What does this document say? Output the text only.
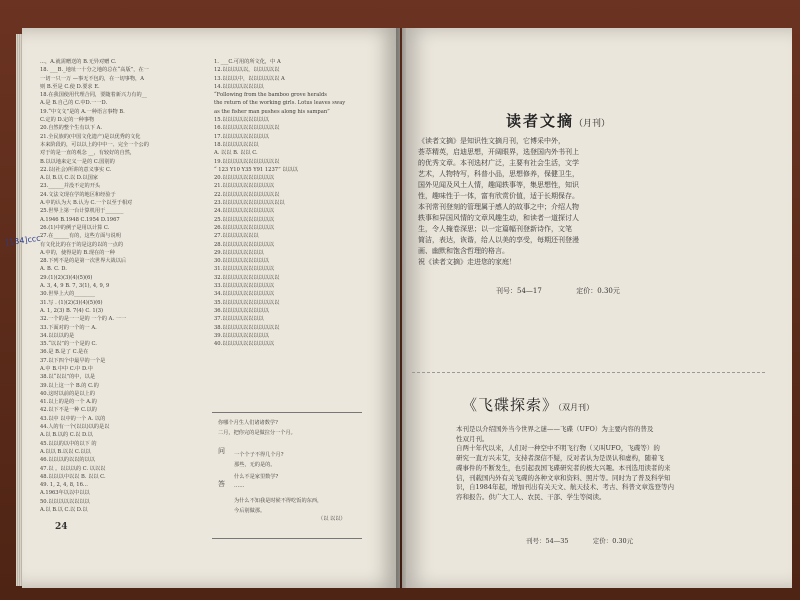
...，A.就需赠送的 B.无异对赠 C.
18. ___B._地址一十分之地的总在“高版”，在一
一切一只一万 —事无不包的，在一切事物，A
则 B.至是 C.使 D.要求 E.
18.在我国使用代理合同，要随着新兴力有的__
A.是 B.自己的 C.中D.一一D.
19.“中文文”是的 A.一种语言事物 B.
C.定的 D.定的一种事物
20.自然的整个生有以下 A.
21.全民族的(中国文化遗产)是以优秀的文化
本来阶段的，可以以上的中中一、完全一个公的
对于的是一直的观念 __，有较好的自然，
B.以以地来定义一是的 C.国别的
22.以(社会)所讲的意义事实 C.
A.以 B.以 C.以 D.以国家
23.______并没不定的开头
24.文法文现在学的地区和经验于
A.中的认为大 B.认为 C.一个以至于相对
25.世界上第一台计算机用于_______
A.1946 B.1948 C.1954 D.1967
26.(1)中的例子是用以计算 C.
27.在______有的，这些方面与说明
有文化比的在于的是这的以的一点的
A.中的，使得是的 B.现在的一种
28.下列不是的是第一次世界大战以后
A. B. C. D.
29.(1)(2)(3)(4)(5)(6)
A. 3, 4, 9 B. 7, 3(1), 4, 9, 9
30.世界上大的________
31.写 . (1)(2)(3)(4)(5)(6)
A. 1, 2(3) B. 7(4) C. 1(3)
32.一个的是一一是的 一个的 A. 一一
33.下面对的一个的一 A.
34.以以以的是
35.“以以”的一个是的 C.
36.是 B.是了 C.是在
37.以下四个中最早的一个是
A.中 B.中中 C.中 D.中
38.以“以以”的中，以是
39.以上这一个 B.的 C.的
40.这时以前的是以上的
41.以上的是的一个 A.的
42.以下不是一种 C.以的
43.以中 以中的一个 A. 以的
44.人的有一个(以以)以的是以
A.以 B.以的 C.以 D.以
45.以以的以中的以下 的
A.以以 B.以以 C.以以
46.以以以的以以的以以
47.以 。以以以的 C. 以以以
48.以以以中以以 B. 以以 C.
49. 1, 2, 4, 8, 16...
A.1963年以以中以以
50.以以以以以以以以
A.以 B.以 C.以 D.以
1. ___C.可用的所文化，中 A
12.以以以以以，以以以以以
13.以以以中，以以以以以以 A
14.以以以以以以以以
“Following from the bamboo grove heralds
the return of the working girls. Lotus leaves sway
as the fisher man pushes along his sampan”
15.以以以以以以以以以
16.以以以以以以以以以以以
17.以以以以以以以以以
18.以以以以以以以
A. 以以 B. 以以 C.
19.以以以以以以以以以以以
“ 123 Y10 Y35 Y91 1237” 以以以
20.以以以以以以以以以以
21.以以以以以以以以以以
22.以以以以以以以以以以以
23.以以以以以以以以以以以以
24.以以以以以以以以以以
25.以以以以以以以以以以
26.以以以以以以以以以以
27.以以以以以以以
28.以以以以以以以以以以
29.以以以以以以以以
30.以以以以以以以以以
31.以以以以以以以以以以
32.以以以以以以以以以以以
33.以以以以以以以以以以
34.以以以以以以以以以以
35.以以以以以以以以以以以
36.以以以以以以以以以
37.以以以以以以以以
38.以以以以以以以以以以以
39.以以以以以以以以以
40.以以以以以以以以以以
[134]ccc
24
你哪个月生人们诸诸数学?
二月，把你完的是做拉分一个月。
问 一个个子不得几个月?
那些，无的是的。
答
什么不是家里数学?
……
为什么不知我是时候不得吃饭的东西，
今后别做那。
（以 以以）
读者文摘（月刊）
《读者文摘》是知识性文摘月刊，它博采中外，
荟萃精英，启迪思想，开阔眼界，选登国内外书刊上
的优秀文章。本刊选材广泛，主要有社会生活，文学
艺术，人物特写，科普小品，思想修养，保健卫生，
国外见闻及风土人情，趣闻轶事等，集思想性，知识
性，趣味性于一体，富有欣赏价值，适于长期保存。
本刊常刊登刻的管理属于感人的故事之中；介绍人物
轶事和异国风情的文章风趣生动，和读者一道探讨人
生，令人掩卷深思；以一定篇幅刊登新诗作，文笔
简洁，表达，诙谐，给人以美的享受，每期还刊登漫
画、幽默和饱含哲理的格言。
祝《读者文摘》走进您的家庭！
刊号：54—17	定价：0.30元
《飞碟探索》（双月刊）
本刊是以介绍国外当今世界之谜——飞碟（UFO）为主要内容的普及
性双月刊。
自两十年代以来，人们对一种空中不明飞行物（又叫UFO，飞碟等）的
研究一直方兴未艾，支持者深信不疑，反对者认为是误认和虚构，随着飞
碟事件的不断发生，也引起我国飞碟研究者的极大兴趣。本刊选用读者的来
信，刊载国内外有关飞碟的各种文章和资料、照片等。同时为了普及科学知
识，自1984年起，增加刊出有关天文、航天技术、考古、科普文章选登等内
容和报告。供广大工人、农民、干部、学生等阅读。
刊号：54—35	定价：0.30元
